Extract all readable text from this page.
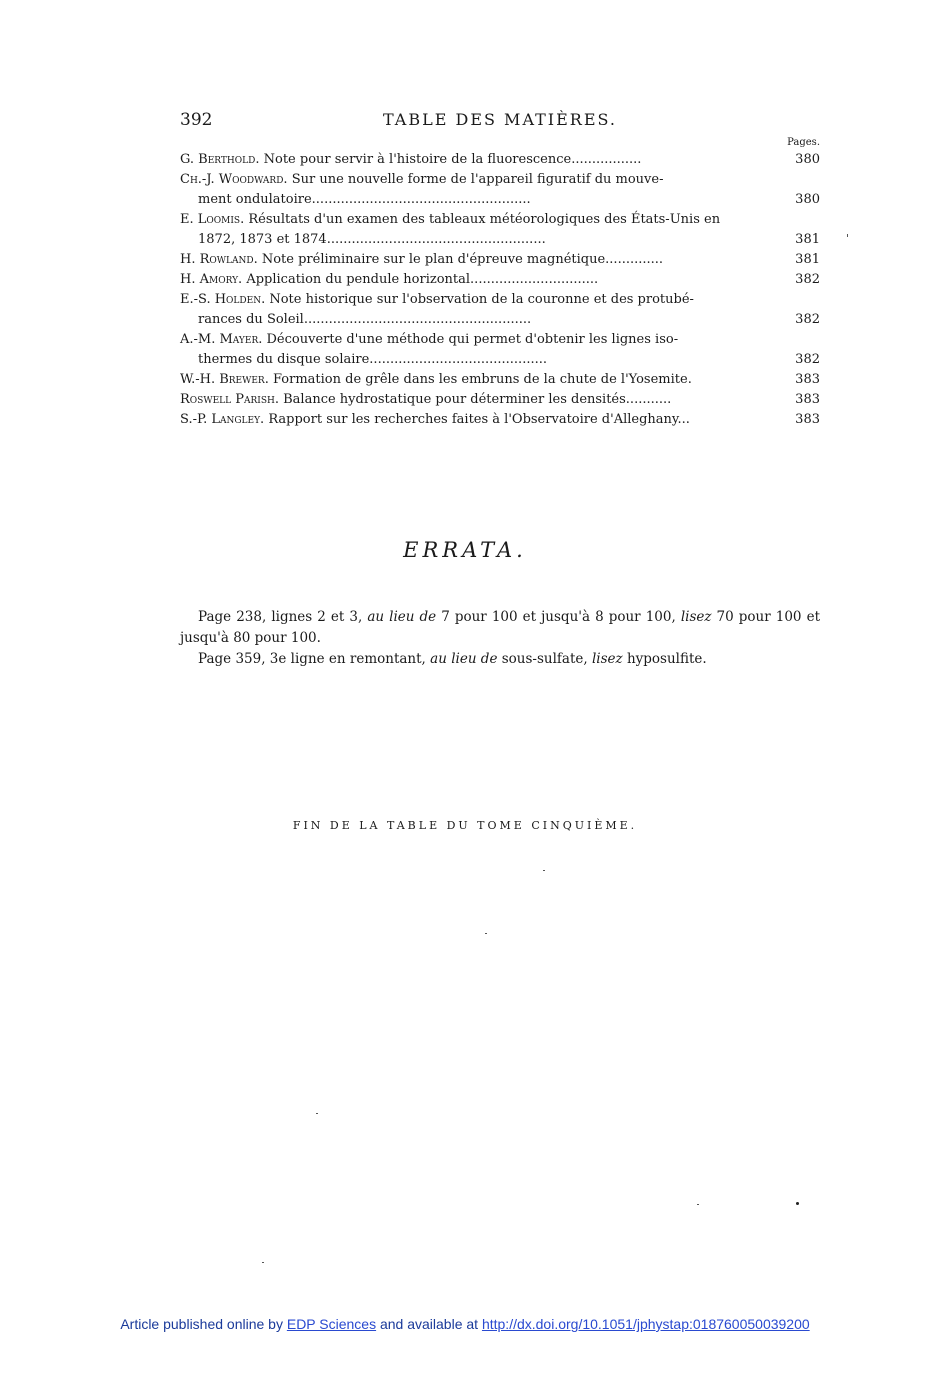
392	TABLE DES MATIÈRES.
Pages.
G. Berthold. Note pour servir à l'histoire de la fluorescence.................	380
Ch.-J. Woodward. Sur une nouvelle forme de l'appareil figuratif du mouve-
ment ondulatoire.....................................................	380
E. Loomis. Résultats d'un examen des tableaux météorologiques des États-Unis en
1872, 1873 et 1874.....................................................	381
H. Rowland. Note préliminaire sur le plan d'épreuve magnétique..............	381
H. Amory. Application du pendule horizontal...............................	382
E.-S. Holden. Note historique sur l'observation de la couronne et des protubé-
rances du Soleil.......................................................	382
A.-M. Mayer. Découverte d'une méthode qui permet d'obtenir les lignes iso-
thermes du disque solaire...........................................	382
W.-H. Brewer. Formation de grêle dans les embruns de la chute de l'Yosemite.	383
Roswell Parish. Balance hydrostatique pour déterminer les densités...........	383
S.-P. Langley. Rapport sur les recherches faites à l'Observatoire d'Alleghany...	383
ERRATA.

Page 238, lignes 2 et 3, au lieu de 7 pour 100 et jusqu'à 8 pour 100, lisez 70 pour 100 et jusqu'à 80 pour 100.

Page 359, 3e ligne en remontant, au lieu de sous-sulfate, lisez hyposulfite.

FIN DE LA TABLE DU TOME CINQUIÈME.
Article published online by EDP Sciences and available at http://dx.doi.org/10.1051/jphystap:018760050039200
